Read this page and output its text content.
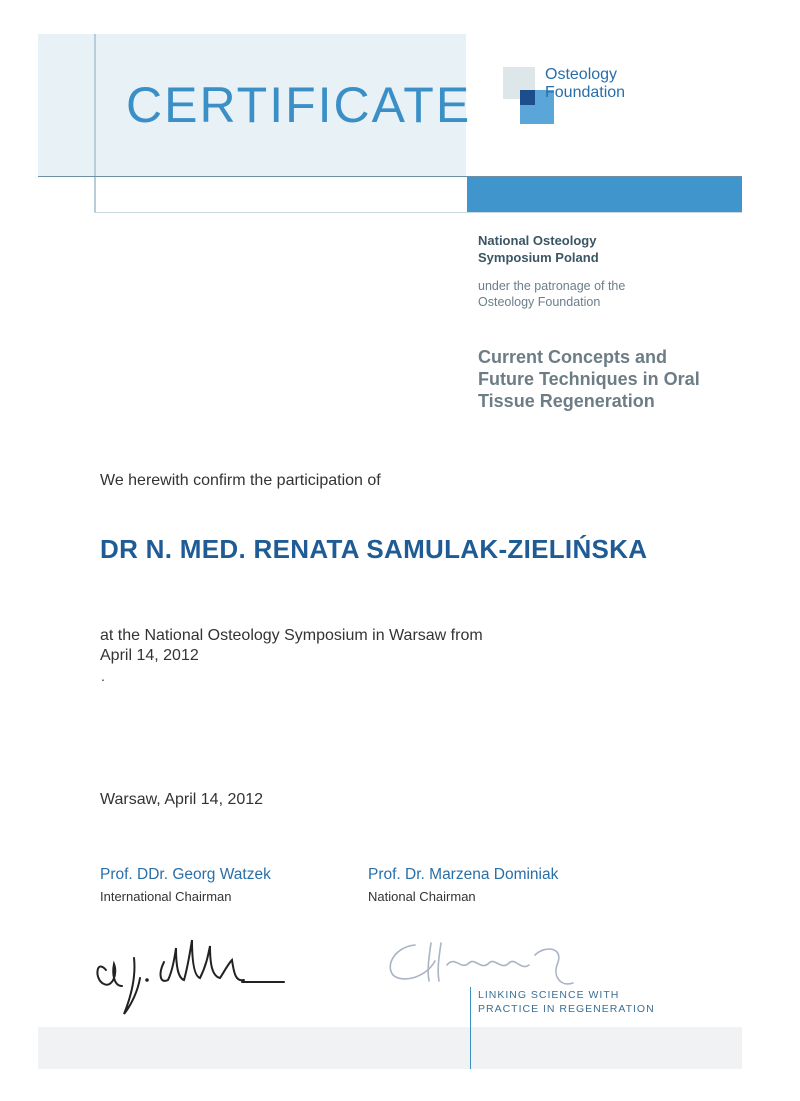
CERTIFICATE
Osteology Foundation
National Osteology
Symposium Poland
under the patronage of the
Osteology Foundation
Current Concepts and
Future Techniques in Oral
Tissue Regeneration
We herewith confirm the participation of
DR N. MED. RENATA SAMULAK-ZIELIŃSKA
at the National Osteology Symposium in Warsaw from
April 14, 2012
.
Warsaw, April 14, 2012
Prof. DDr. Georg Watzek
International Chairman
Prof. Dr. Marzena Dominiak
National Chairman
LINKING SCIENCE WITH
PRACTICE IN REGENERATION
